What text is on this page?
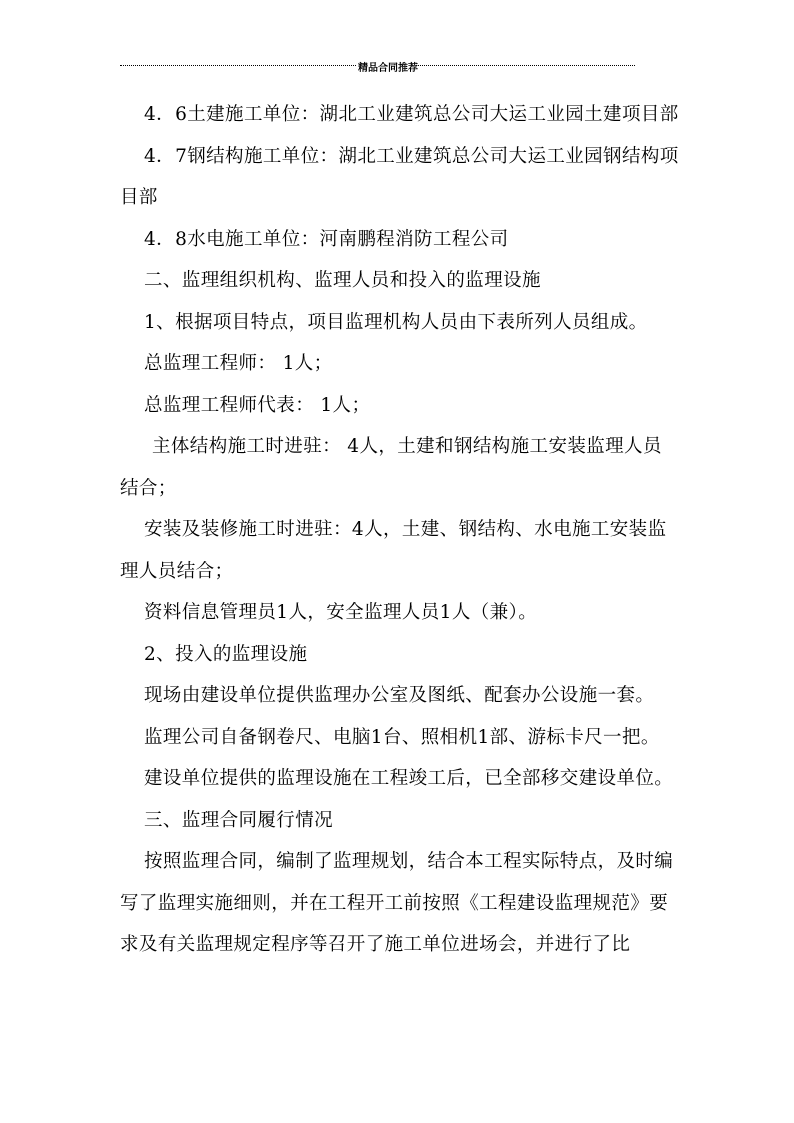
精品合同推荐

4．6土建施工单位：湖北工业建筑总公司大运工业园土建项目部

4．7钢结构施工单位：湖北工业建筑总公司大运工业园钢结构项目部

4．8水电施工单位：河南鹏程消防工程公司

二、监理组织机构、监理人员和投入的监理设施

1、根据项目特点，项目监理机构人员由下表所列人员组成。

总监理工程师： 1人；

总监理工程师代表： 1人；

主体结构施工时进驻： 4人，土建和钢结构施工安装监理人员结合；

安装及装修施工时进驻：4人，土建、钢结构、水电施工安装监理人员结合；

资料信息管理员1人，安全监理人员1人（兼）。

2、投入的监理设施

现场由建设单位提供监理办公室及图纸、配套办公设施一套。

监理公司自备钢卷尺、电脑1台、照相机1部、游标卡尺一把。

建设单位提供的监理设施在工程竣工后，已全部移交建设单位。

三、监理合同履行情况

按照监理合同，编制了监理规划，结合本工程实际特点，及时编写了监理实施细则，并在工程开工前按照《工程建设监理规范》要求及有关监理规定程序等召开了施工单位进场会，并进行了比
